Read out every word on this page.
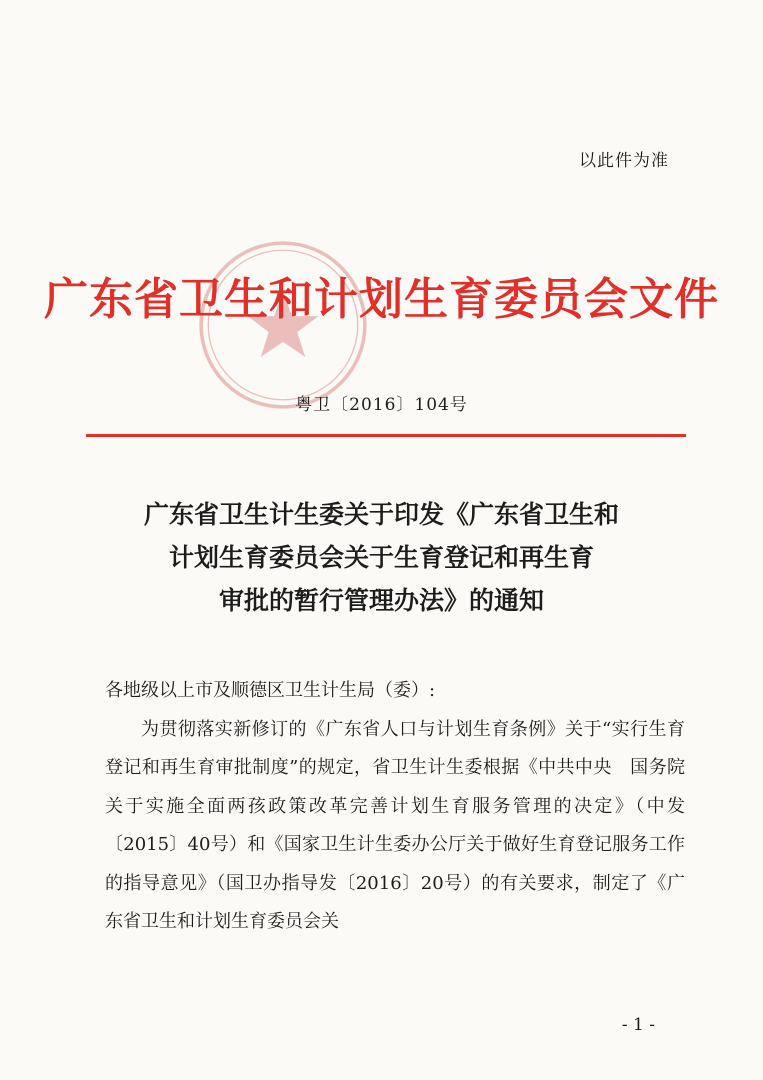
以此件为准
广东省卫生和计划生育委员会文件
粤卫〔2016〕104号
广东省卫生计生委关于印发《广东省卫生和
计划生育委员会关于生育登记和再生育
审批的暂行管理办法》的通知

各地级以上市及顺德区卫生计生局（委）:

为贯彻落实新修订的《广东省人口与计划生育条例》关于“实行生育登记和再生育审批制度”的规定，省卫生计生委根据《中共中央　国务院关于实施全面两孩政策改革完善计划生育服务管理的决定》（中发〔2015〕40号）和《国家卫生计生委办公厅关于做好生育登记服务工作的指导意见》（国卫办指导发〔2016〕20号）的有关要求，制定了《广东省卫生和计划生育委员会关

- 1 -
